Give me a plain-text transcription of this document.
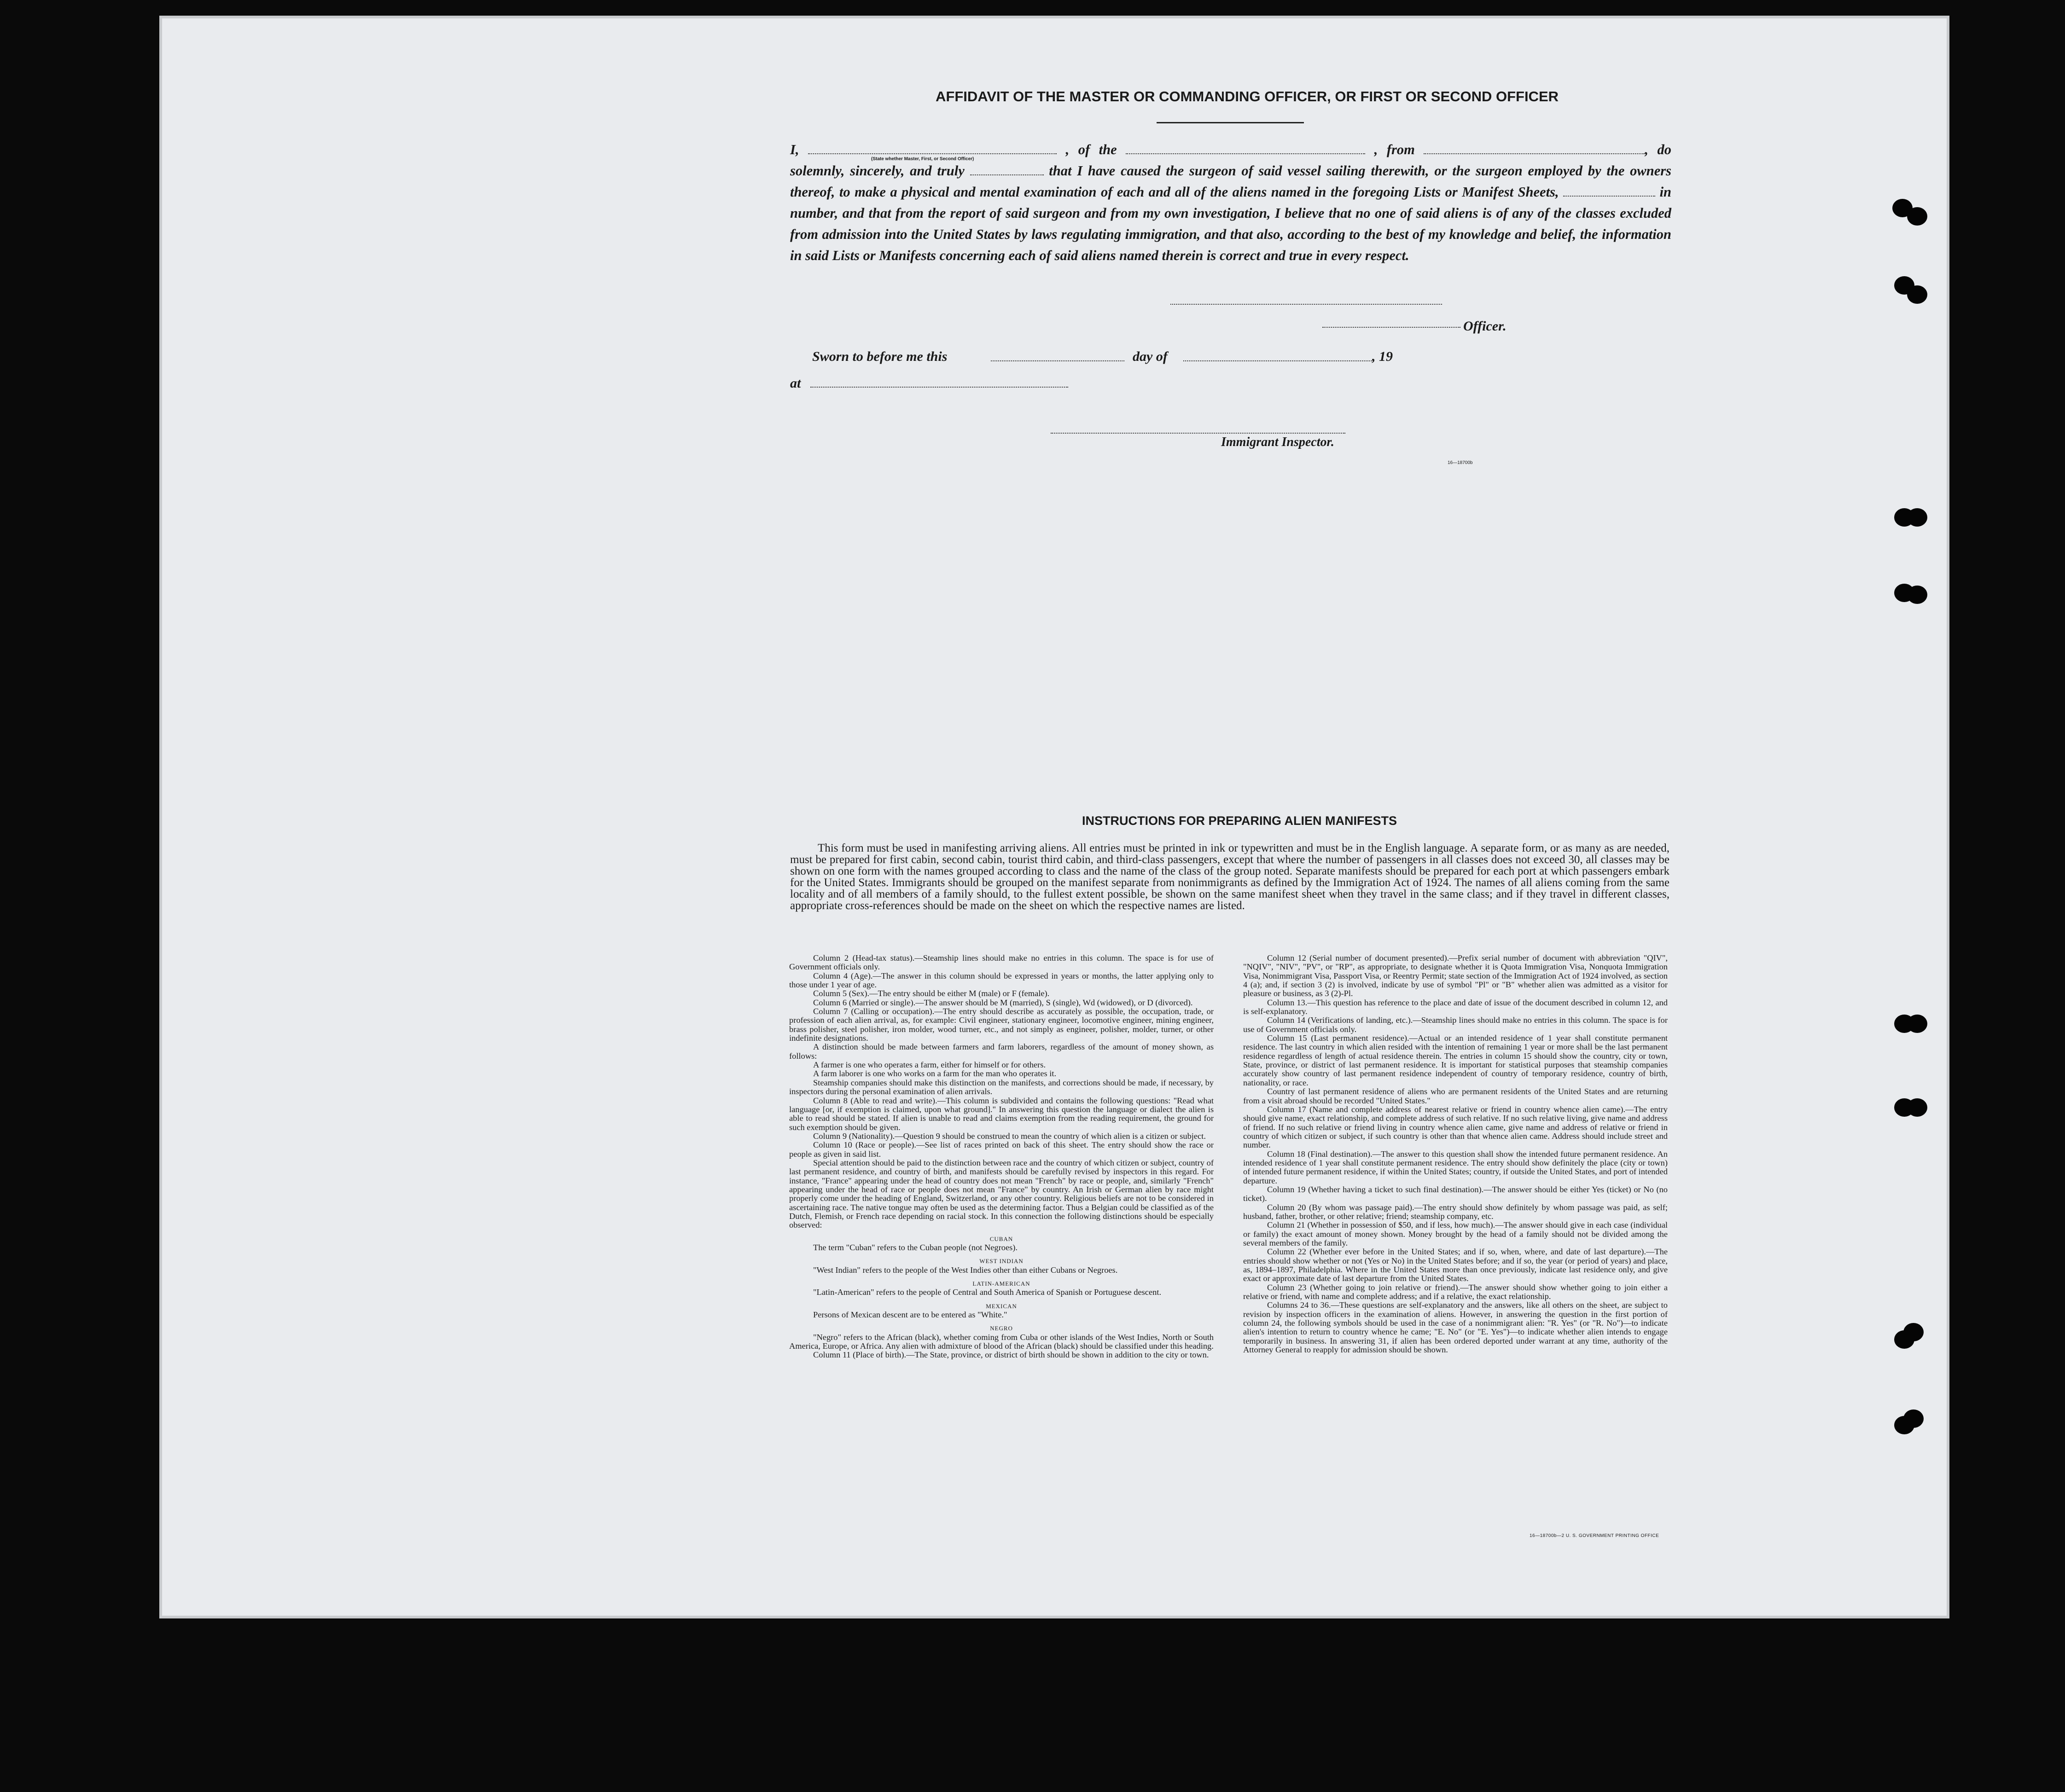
AFFIDAVIT OF THE MASTER OR COMMANDING OFFICER, OR FIRST OR SECOND OFFICER
I,	, of the	, from	, do solemnly, sincerely, and truly	that I have caused the surgeon of said vessel sailing therewith, or the surgeon employed by the owners thereof, to make a physical and mental examination of each and all of the aliens named in the foregoing Lists or Manifest Sheets,	in number, and that from the report of said surgeon and from my own investigation, I believe that no one of said aliens is of any of the classes excluded from admission into the United States by laws regulating immigration, and that also, according to the best of my knowledge and belief, the information in said Lists or Manifests concerning each of said aliens named therein is correct and true in every respect.
(State whether Master, First, or Second Officer)
Officer.
Sworn to before me this	day of	, 19
at
Immigrant Inspector.
16—18700b
INSTRUCTIONS FOR PREPARING ALIEN MANIFESTS
This form must be used in manifesting arriving aliens. All entries must be printed in ink or typewritten and must be in the English language. A separate form, or as many as are needed, must be prepared for first cabin, second cabin, tourist third cabin, and third-class passengers, except that where the number of passengers in all classes does not exceed 30, all classes may be shown on one form with the names grouped according to class and the name of the class of the group noted. Separate manifests should be prepared for each port at which passengers embark for the United States. Immigrants should be grouped on the manifest separate from nonimmigrants as defined by the Immigration Act of 1924. The names of all aliens coming from the same locality and of all members of a family should, to the fullest extent possible, be shown on the same manifest sheet when they travel in the same class; and if they travel in different classes, appropriate cross-references should be made on the sheet on which the respective names are listed.

Column 2 (Head-tax status).—Steamship lines should make no entries in this column. The space is for use of Government officials only.

Column 4 (Age).—The answer in this column should be expressed in years or months, the latter applying only to those under 1 year of age.

Column 5 (Sex).—The entry should be either M (male) or F (female).

Column 6 (Married or single).—The answer should be M (married), S (single), Wd (widowed), or D (divorced).

Column 7 (Calling or occupation).—The entry should describe as accurately as possible, the occupation, trade, or profession of each alien arrival, as, for example: Civil engineer, stationary engineer, locomotive engineer, mining engineer, brass polisher, steel polisher, iron molder, wood turner, etc., and not simply as engineer, polisher, molder, turner, or other indefinite designations.

A distinction should be made between farmers and farm laborers, regardless of the amount of money shown, as follows:

A farmer is one who operates a farm, either for himself or for others.

A farm laborer is one who works on a farm for the man who operates it.

Steamship companies should make this distinction on the manifests, and corrections should be made, if necessary, by inspectors during the personal examination of alien arrivals.

Column 8 (Able to read and write).—This column is subdivided and contains the following questions: "Read what language [or, if exemption is claimed, upon what ground]." In answering this question the language or dialect the alien is able to read should be stated. If alien is unable to read and claims exemption from the reading requirement, the ground for such exemption should be given.

Column 9 (Nationality).—Question 9 should be construed to mean the country of which alien is a citizen or subject.

Column 10 (Race or people).—See list of races printed on back of this sheet. The entry should show the race or people as given in said list.

Special attention should be paid to the distinction between race and the country of which citizen or subject, country of last permanent residence, and country of birth, and manifests should be carefully revised by inspectors in this regard. For instance, "France" appearing under the head of country does not mean "French" by race or people, and, similarly "French" appearing under the head of race or people does not mean "France" by country. An Irish or German alien by race might properly come under the heading of England, Switzerland, or any other country. Religious beliefs are not to be considered in ascertaining race. The native tongue may often be used as the determining factor. Thus a Belgian could be classified as of the Dutch, Flemish, or French race depending on racial stock. In this connection the following distinctions should be especially observed:

CUBAN

The term "Cuban" refers to the Cuban people (not Negroes).

WEST INDIAN

"West Indian" refers to the people of the West Indies other than either Cubans or Negroes.

LATIN-AMERICAN

"Latin-American" refers to the people of Central and South America of Spanish or Portuguese descent.

MEXICAN

Persons of Mexican descent are to be entered as "White."

NEGRO

"Negro" refers to the African (black), whether coming from Cuba or other islands of the West Indies, North or South America, Europe, or Africa. Any alien with admixture of blood of the African (black) should be classified under this heading.

Column 11 (Place of birth).—The State, province, or district of birth should be shown in addition to the city or town.

Column 12 (Serial number of document presented).—Prefix serial number of document with abbreviation "QIV", "NQIV", "NIV", "PV", or "RP", as appropriate, to designate whether it is Quota Immigration Visa, Nonquota Immigration Visa, Nonimmigrant Visa, Passport Visa, or Reentry Permit; state section of the Immigration Act of 1924 involved, as section 4 (a); and, if section 3 (2) is involved, indicate by use of symbol "Pl" or "B" whether alien was admitted as a visitor for pleasure or business, as 3 (2)-Pl.

Column 13.—This question has reference to the place and date of issue of the document described in column 12, and is self-explanatory.

Column 14 (Verifications of landing, etc.).—Steamship lines should make no entries in this column. The space is for use of Government officials only.

Column 15 (Last permanent residence).—Actual or an intended residence of 1 year shall constitute permanent residence. The last country in which alien resided with the intention of remaining 1 year or more shall be the last permanent residence regardless of length of actual residence therein. The entries in column 15 should show the country, city or town, State, province, or district of last permanent residence. It is important for statistical purposes that steamship companies accurately show country of last permanent residence independent of country of temporary residence, country of birth, nationality, or race.

Country of last permanent residence of aliens who are permanent residents of the United States and are returning from a visit abroad should be recorded "United States."

Column 17 (Name and complete address of nearest relative or friend in country whence alien came).—The entry should give name, exact relationship, and complete address of such relative. If no such relative living, give name and address of friend. If no such relative or friend living in country whence alien came, give name and address of relative or friend in country of which citizen or subject, if such country is other than that whence alien came. Address should include street and number.

Column 18 (Final destination).—The answer to this question shall show the intended future permanent residence. An intended residence of 1 year shall constitute permanent residence. The entry should show definitely the place (city or town) of intended future permanent residence, if within the United States; country, if outside the United States, and port of intended departure.

Column 19 (Whether having a ticket to such final destination).—The answer should be either Yes (ticket) or No (no ticket).

Column 20 (By whom was passage paid).—The entry should show definitely by whom passage was paid, as self; husband, father, brother, or other relative; friend; steamship company, etc.

Column 21 (Whether in possession of $50, and if less, how much).—The answer should give in each case (individual or family) the exact amount of money shown. Money brought by the head of a family should not be divided among the several members of the family.

Column 22 (Whether ever before in the United States; and if so, when, where, and date of last departure).—The entries should show whether or not (Yes or No) in the United States before; and if so, the year (or period of years) and place, as, 1894–1897, Philadelphia. Where in the United States more than once previously, indicate last residence only, and give exact or approximate date of last departure from the United States.

Column 23 (Whether going to join relative or friend).—The answer should show whether going to join either a relative or friend, with name and complete address; and if a relative, the exact relationship.

Columns 24 to 36.—These questions are self-explanatory and the answers, like all others on the sheet, are subject to revision by inspection officers in the examination of aliens. However, in answering the question in the first portion of column 24, the following symbols should be used in the case of a nonimmigrant alien: "R. Yes" (or "R. No")—to indicate alien's intention to return to country whence he came; "E. No" (or "E. Yes")—to indicate whether alien intends to engage temporarily in business. In answering 31, if alien has been ordered deported under warrant at any time, authority of the Attorney General to reapply for admission should be shown.

16—18700b—2 U. S. GOVERNMENT PRINTING OFFICE
